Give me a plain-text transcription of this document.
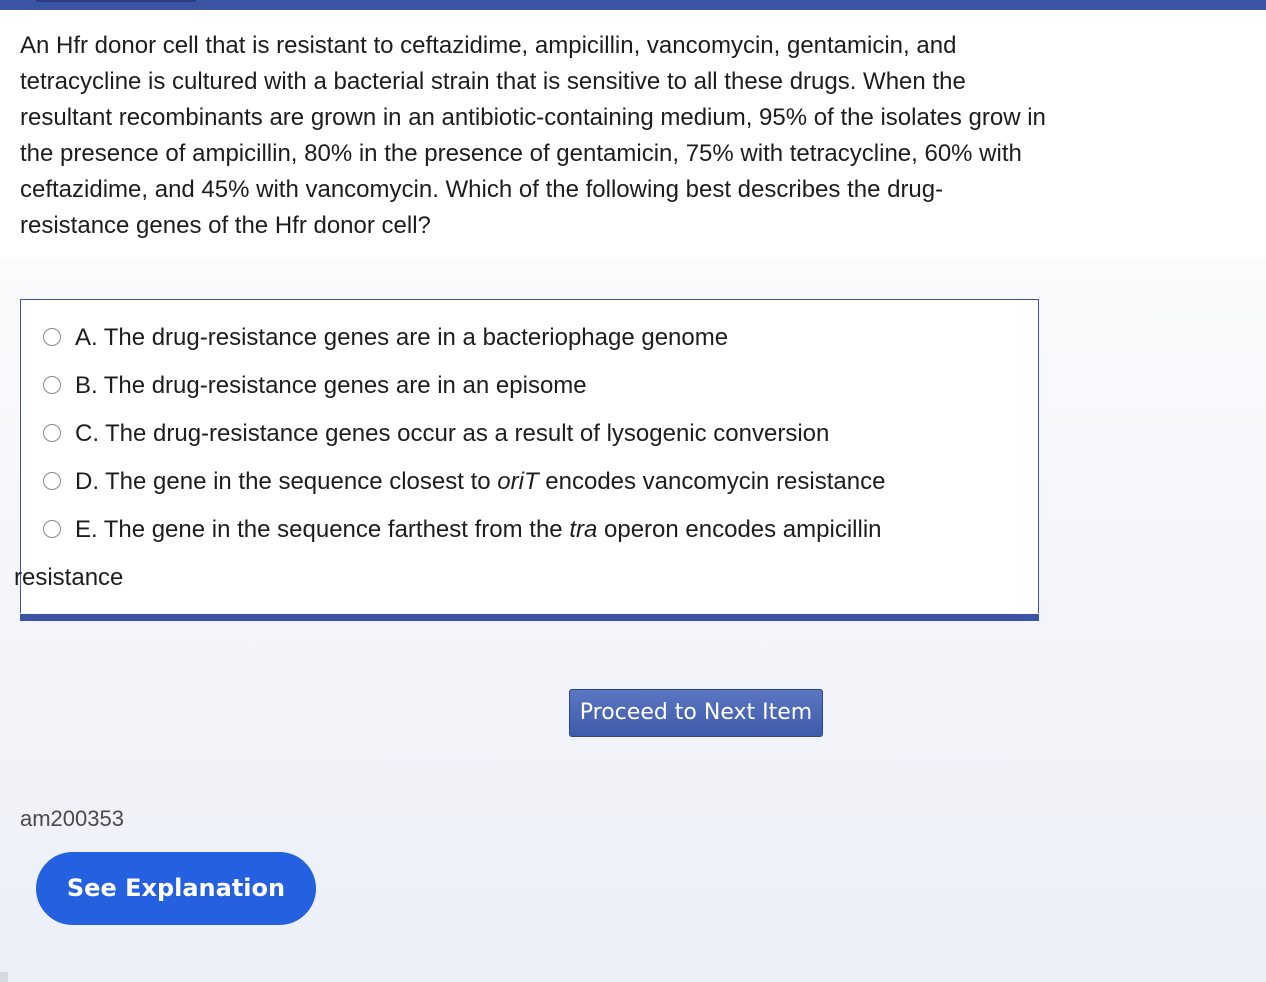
An Hfr donor cell that is resistant to ceftazidime, ampicillin, vancomycin, gentamicin, and tetracycline is cultured with a bacterial strain that is sensitive to all these drugs. When the resultant recombinants are grown in an antibiotic-containing medium, 95% of the isolates grow in the presence of ampicillin, 80% in the presence of gentamicin, 75% with tetracycline, 60% with ceftazidime, and 45% with vancomycin. Which of the following best describes the drug-resistance genes of the Hfr donor cell?

A. The drug-resistance genes are in a bacteriophage genome
B. The drug-resistance genes are in an episome
C. The drug-resistance genes occur as a result of lysogenic conversion
D. The gene in the sequence closest to oriT encodes vancomycin resistance
E. The gene in the sequence farthest from the tra operon encodes ampicillin
resistance
Proceed to Next Item
am200353
See Explanation
